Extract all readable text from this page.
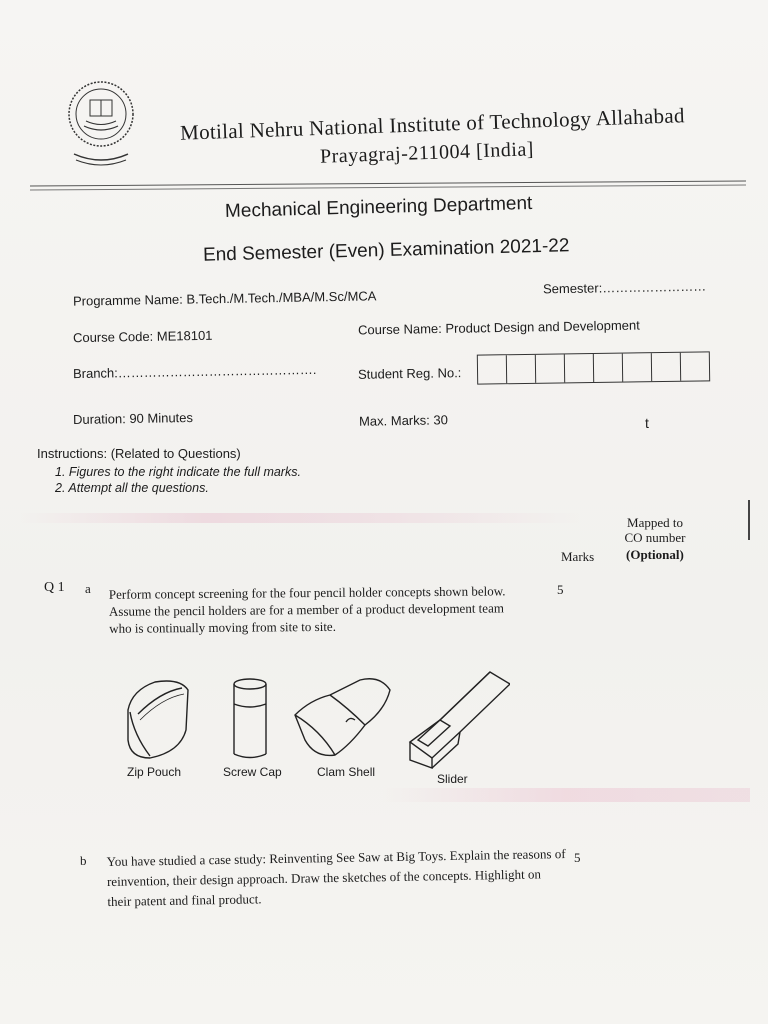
Motilal Nehru National Institute of Technology Allahabad
Prayagraj-211004 [India]
Mechanical Engineering Department
End Semester (Even) Examination 2021-22
Programme Name: B.Tech./M.Tech./MBA/M.Sc/MCA
Semester:……………………
Course Code: ME18101	Course Name: Product Design and Development
Branch:……………………………………….	Student Reg. No.:
Duration: 90 Minutes	Max. Marks: 30	t
Instructions: (Related to Questions)
1. Figures to the right indicate the full marks.
2. Attempt all the questions.
Mapped to
CO number
(Optional)
Marks
Q 1 a Perform concept screening for the four pencil holder concepts shown below. Assume the pencil holders are for a member of a product development team who is continually moving from site to site.
5
Zip Pouch	Screw Cap	Clam Shell	Slider
b You have studied a case study: Reinventing See Saw at Big Toys. Explain the reasons of reinvention, their design approach. Draw the sketches of the concepts. Highlight on their patent and final product.
5
